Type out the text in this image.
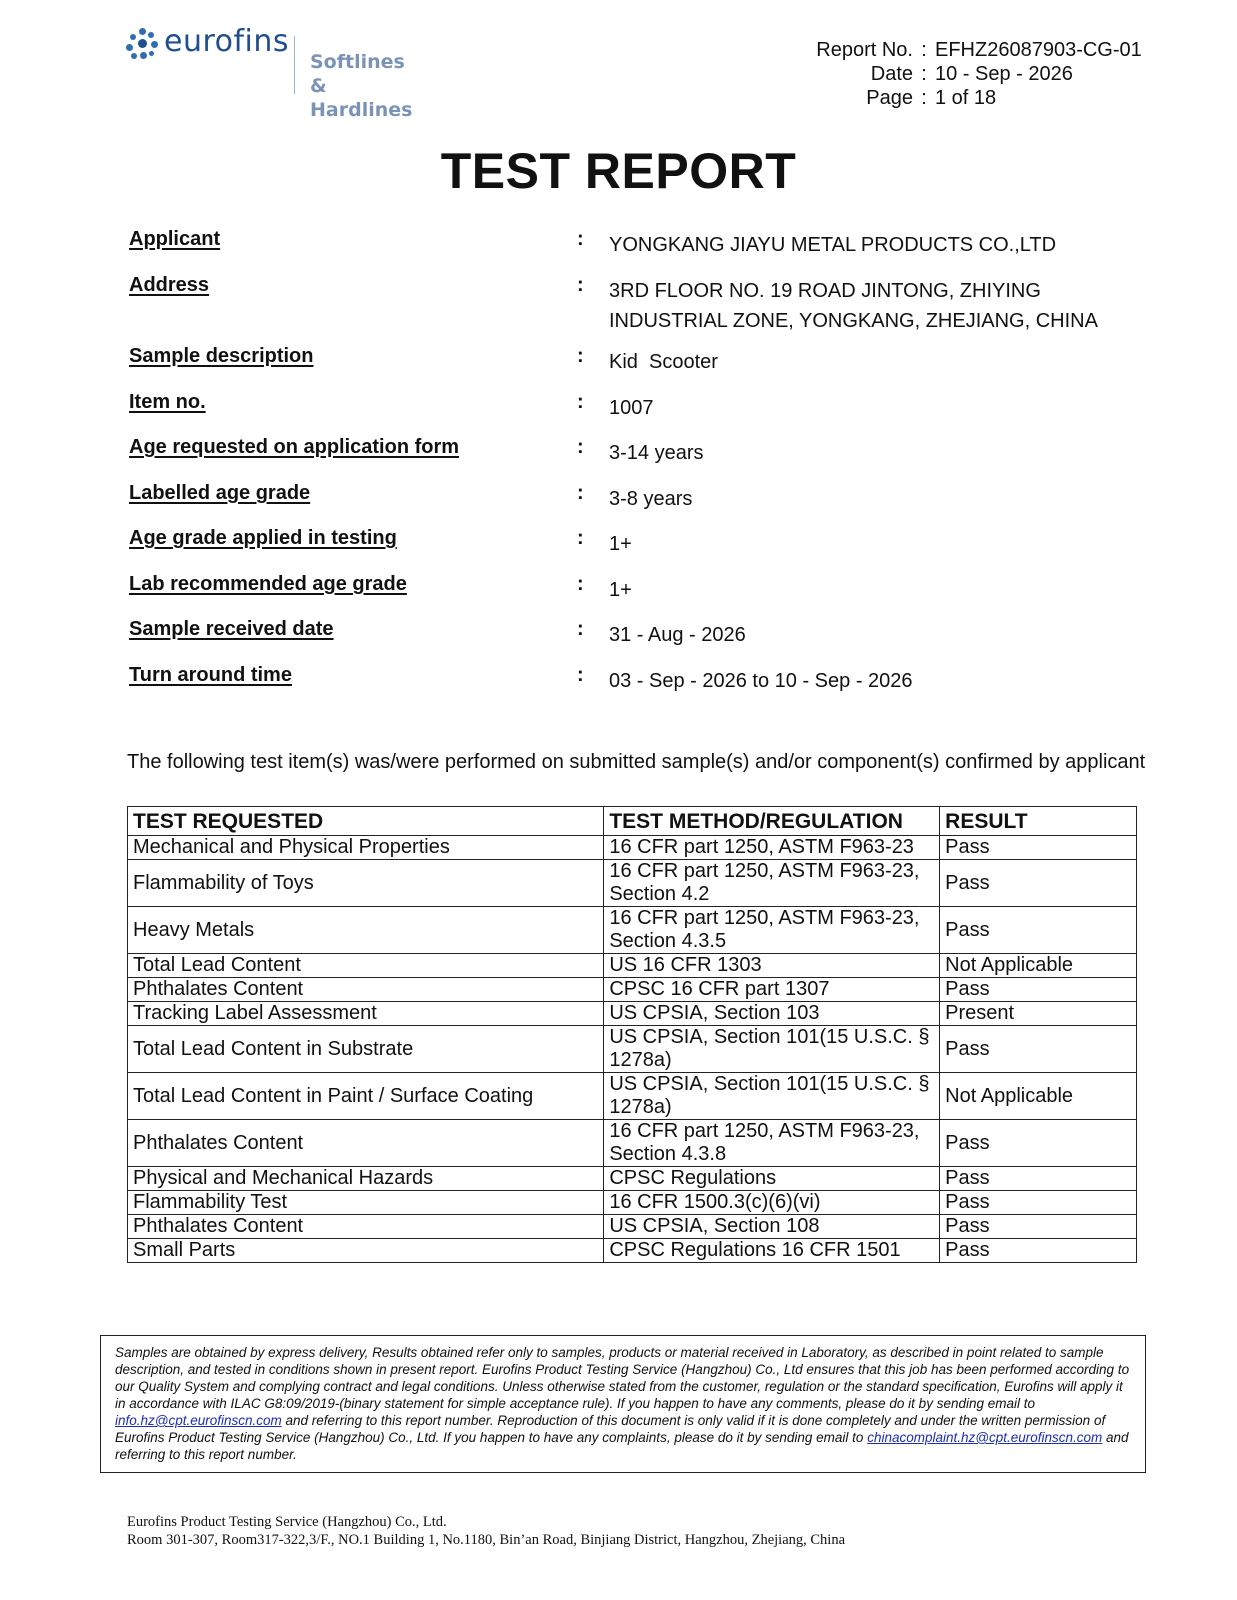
eurofins
Softlines &
Hardlines
Report No. : EFHZ26087903-CG-01
Date : 10 - Sep - 2026
Page : 1 of 18
TEST REPORT
Applicant	:	YONGKANG JIAYU METAL PRODUCTS CO.,LTD
Address	:	3RD FLOOR NO. 19 ROAD JINTONG, ZHIYING INDUSTRIAL ZONE, YONGKANG, ZHEJIANG, CHINA
Sample description	:	Kid  Scooter
Item no.	:	1007
Age requested on application form	:	3-14 years
Labelled age grade	:	3-8 years
Age grade applied in testing	:	1+
Lab recommended age grade	:	1+
Sample received date	:	31 - Aug - 2026
Turn around time	:	03 - Sep - 2026 to 10 - Sep - 2026
The following test item(s) was/were performed on submitted sample(s) and/or component(s) confirmed by applicant
TEST REQUESTED	TEST METHOD/REGULATION	RESULT
Mechanical and Physical Properties	16 CFR part 1250, ASTM F963-23	Pass
Flammability of Toys	16 CFR part 1250, ASTM F963-23, Section 4.2	Pass
Heavy Metals	16 CFR part 1250, ASTM F963-23, Section 4.3.5	Pass
Total Lead Content	US 16 CFR 1303	Not Applicable
Phthalates Content	CPSC 16 CFR part 1307	Pass
Tracking Label Assessment	US CPSIA, Section 103	Present
Total Lead Content in Substrate	US CPSIA, Section 101(15 U.S.C. § 1278a)	Pass
Total Lead Content in Paint / Surface Coating	US CPSIA, Section 101(15 U.S.C. § 1278a)	Not Applicable
Phthalates Content	16 CFR part 1250, ASTM F963-23, Section 4.3.8	Pass
Physical and Mechanical Hazards	CPSC Regulations	Pass
Flammability Test	16 CFR 1500.3(c)(6)(vi)	Pass
Phthalates Content	US CPSIA, Section 108	Pass
Small Parts	CPSC Regulations 16 CFR 1501	Pass
Samples are obtained by express delivery, Results obtained refer only to samples, products or material received in Laboratory, as described in point related to sample description, and tested in conditions shown in present report. Eurofins Product Testing Service (Hangzhou) Co., Ltd ensures that this job has been performed according to our Quality System and complying contract and legal conditions. Unless otherwise stated from the customer, regulation or the standard specification, Eurofins will apply it in accordance with ILAC G8:09/2019-(binary statement for simple acceptance rule). If you happen to have any comments, please do it by sending email to info.hz@cpt.eurofinscn.com and referring to this report number. Reproduction of this document is only valid if it is done completely and under the written permission of Eurofins Product Testing Service (Hangzhou) Co., Ltd. If you happen to have any complaints, please do it by sending email to chinacomplaint.hz@cpt.eurofinscn.com and referring to this report number.
Eurofins Product Testing Service (Hangzhou) Co., Ltd.
Room 301-307, Room317-322,3/F., NO.1 Building 1, No.1180, Bin’an Road, Binjiang District, Hangzhou, Zhejiang, China
